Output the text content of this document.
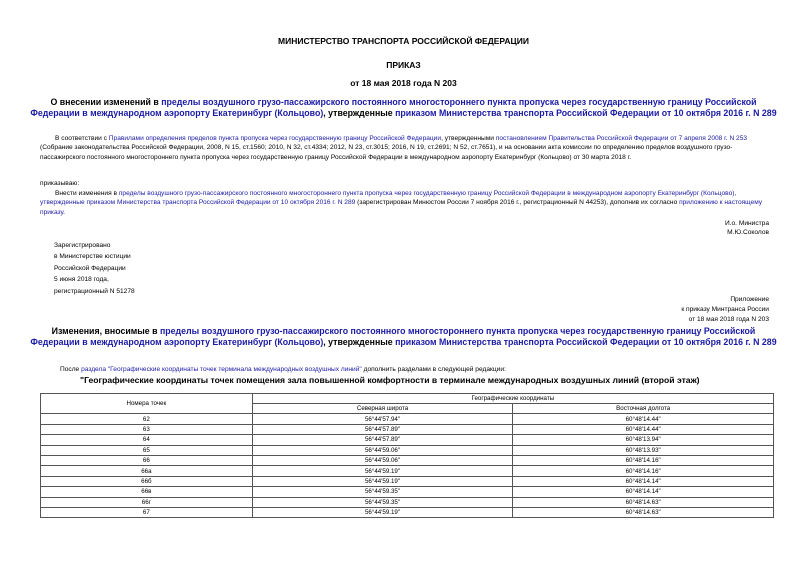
МИНИСТЕРСТВО ТРАНСПОРТА РОССИЙСКОЙ ФЕДЕРАЦИИ
ПРИКАЗ
от 18 мая 2018 года N 203
О внесении изменений в пределы воздушного грузо-пассажирского постоянного многостороннего пункта пропуска через государственную границу Российской Федерации в международном аэропорту Екатеринбург (Кольцово), утвержденные приказом Министерства транспорта Российской Федерации от 10 октября 2016 г. N 289
В соответствии с Правилами определения пределов пункта пропуска через государственную границу Российской Федерации, утвержденными постановлением Правительства Российской Федерации от 7 апреля 2008 г. N 253 (Собрание законодательства Российской Федерации, 2008, N 15, ст.1560; 2010, N 32, ст.4334; 2012, N 23, ст.3015; 2016, N 19, ст.2691; N 52, ст.7651), и на основании акта комиссии по определению пределов воздушного грузо-пассажирского постоянного многостороннего пункта пропуска через государственную границу Российской Федерации в международном аэропорту Екатеринбург (Кольцово) от 30 марта 2018 г.
приказываю:
Внести изменения в пределы воздушного грузо-пассажирского постоянного многостороннего пункта пропуска через государственную границу Российской Федерации в международном аэропорту Екатеринбург (Кольцово), утвержденные приказом Министерства транспорта Российской Федерации от 10 октября 2016 г. N 289 (зарегистрирован Минюстом России 7 ноября 2016 г., регистрационный N 44253), дополнив их согласно приложению к настоящему приказу.
И.о. Министра
М.Ю.Соколов
Зарегистрировано
в Министерстве юстиции
Российской Федерации
5 июня 2018 года,
регистрационный N 51278
Приложение
к приказу Минтранса России
от 18 мая 2018 года N 203
Изменения, вносимые в пределы воздушного грузо-пассажирского постоянного многостороннего пункта пропуска через государственную границу Российской Федерации в международном аэропорту Екатеринбург (Кольцово), утвержденные приказом Министерства транспорта Российской Федерации от 10 октября 2016 г. N 289
После раздела "Географические координаты точек терминала международных воздушных линий" дополнить разделами в следующей редакции:
"Географические координаты точек помещения зала повышенной комфортности в терминале международных воздушных линий (второй этаж)
Номера точек	Географические координаты	
	Северная широта	Восточная долгота
62	56°44'57.94"	60°48'14.44"
63	56°44'57.89"	60°48'14.44"
64	56°44'57.89"	60°48'13.94"
65	56°44'59.06"	60°48'13.93"
66	56°44'59.06"	60°48'14.16"
66а	56°44'59.19"	60°48'14.16"
66б	56°44'59.19"	60°48'14.14"
66в	56°44'59.35"	60°48'14.14"
66г	56°44'59.35"	60°48'14.63"
67	56°44'59.19"	60°48'14.63"
